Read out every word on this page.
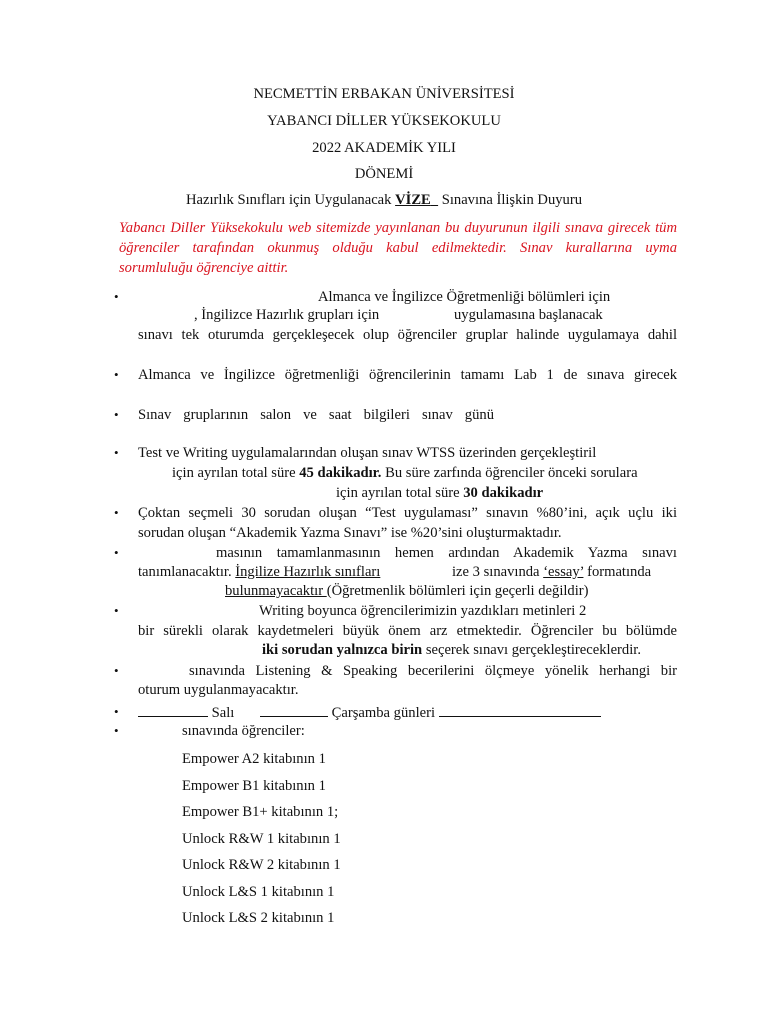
NECMETTİN ERBAKAN ÜNİVERSİTESİ
YABANCI DİLLER YÜKSEKOKULU
2022 AKADEMİK YILI
DÖNEMİ
Hazırlık Sınıfları için Uygulanacak VİZE   Sınavına İlişkin Duyuru
Yabancı Diller Yüksekokulu web sitemizde yayınlanan bu duyurunun ilgili sınava girecek tüm öğrenciler tarafından okunmuş olduğu kabul edilmektedir. Sınav kurallarına uyma sorumluluğu öğrenciye aittir.
•	Almanca ve İngilizce Öğretmenliği bölümleri için
, İngilizce Hazırlık grupları için	uygulamasına başlanacak
sınavı tek oturumda gerçekleşecek olup öğrenciler gruplar halinde uygulamaya dahil
• Almanca ve İngilizce öğretmenliği öğrencilerinin tamamı Lab 1 de sınava girecek
• Sınav grupları​nın salon ve saat bilgileri sınav günü
• Test ve Writing uygulamalarından oluşan sınav WTSS üzerinden gerçekleştiril
için ayrılan total süre 45 dakikadır. Bu süre zarfında öğrenciler önceki sorulara
için ayrılan total süre 30 dakikadır
• Çoktan seçmeli 30 sorudan oluşan “Test uygulaması” sınavın %80’ini, açık uçlu iki
sorudan oluşan “Akademik Yazma Sınavı” ise %20’sini oluşturmaktadır.
•	masının tamamlanmasının hemen ardından Akademik Yazma sınavı
tanımlanacaktır. İngilize Hazırlık sınıfları	ize 3 sınavında ‘essay’ formatında
bulunmayacaktır (Öğretmenlik bölümleri için geçerli değildir)
•	Writing boyunca öğrencilerimizin yazdıkları metinleri 2
bir sürekli olarak kaydetmeleri büyük önem arz etmektedir. Öğrenciler bu bölümde
iki sorudan yalnızca birin seçerek sınavı gerçekleştireceklerdir.
•	sınavında Listening & Speaking becerilerini ölçmeye yönelik herhangi bir
oturum uygulanmayacaktır.
•	Salı	Çarşamba günleri
•	sınavında öğrenciler:
Empower A2 kitabının 1
Empower B1 kitabının 1
Empower B1+ kitabının 1;
Unlock R&W 1 kitabının 1
Unlock R&W 2 kitabının 1
Unlock L&S 1 kitabının 1
Unlock L&S 2 kitabının 1
